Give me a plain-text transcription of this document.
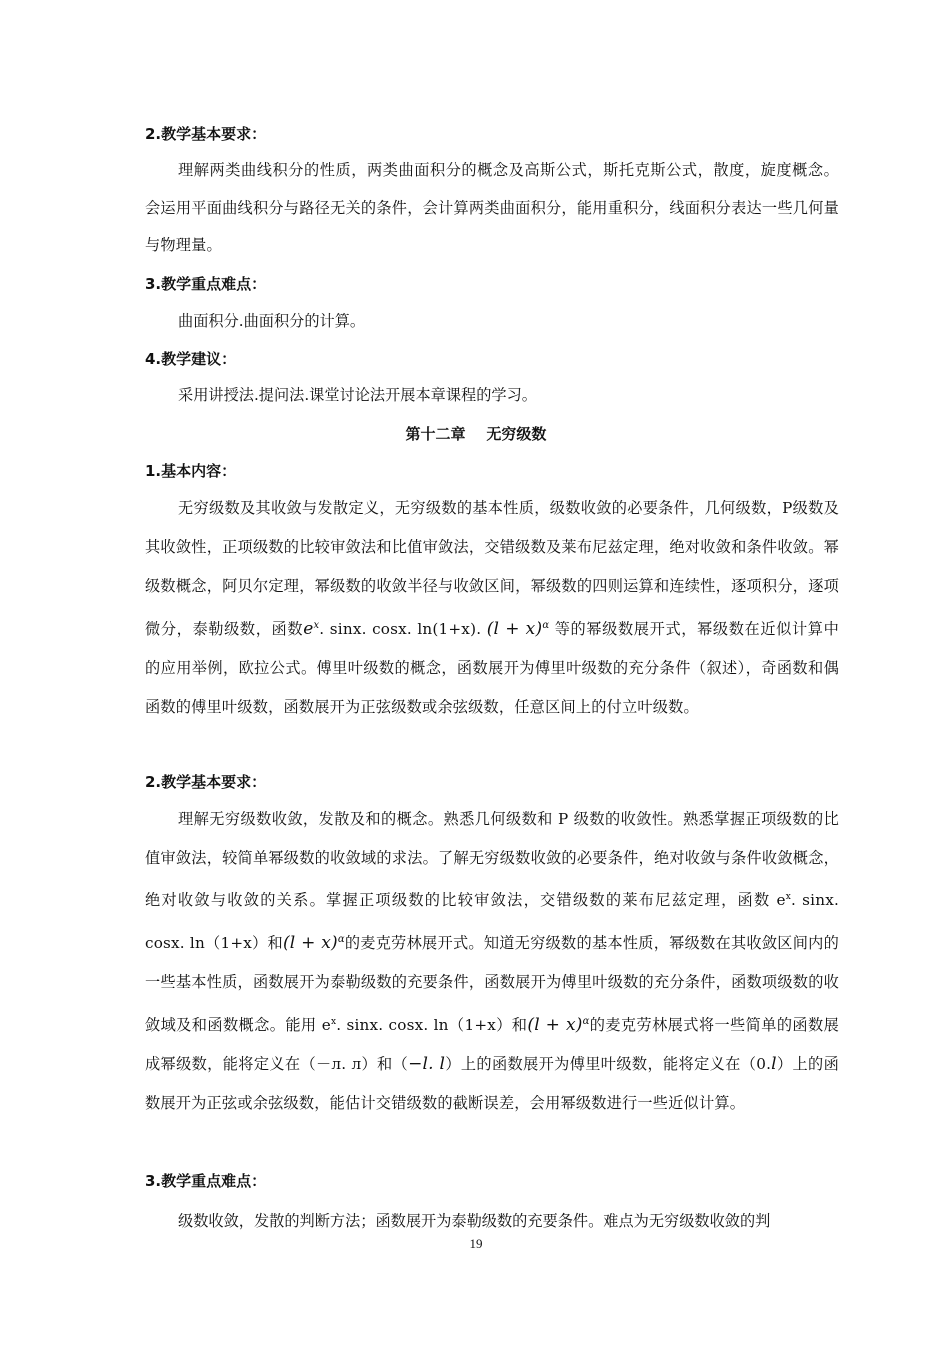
2.教学基本要求：
理解两类曲线积分的性质，两类曲面积分的概念及高斯公式，斯托克斯公式，散度，旋度概念。会运用平面曲线积分与路径无关的条件，会计算两类曲面积分，能用重积分，线面积分表达一些几何量与物理量。
3.教学重点难点：
曲面积分.曲面积分的计算。
4.教学建议：
采用讲授法.提问法.课堂讨论法开展本章课程的学习。
第十二章    无穷级数
1.基本内容：
无穷级数及其收敛与发散定义，无穷级数的基本性质，级数收敛的必要条件，几何级数，P级数及其收敛性，正项级数的比较审敛法和比值审敛法，交错级数及莱布尼兹定理，绝对收敛和条件收敛。幂级数概念，阿贝尔定理，幂级数的收敛半径与收敛区间，幂级数的四则运算和连续性，逐项积分，逐项微分，泰勒级数，函数$e^x$. sinx. cosx. ln(1+x). $(l + x)^\alpha$ 等的幂级数展开式，幂级数在近似计算中的应用举例，欧拉公式。傅里叶级数的概念，函数展开为傅里叶级数的充分条件（叙述），奇函数和偶函数的傅里叶级数，函数展开为正弦级数或余弦级数，任意区间上的付立叶级数。
2.教学基本要求：
理解无穷级数收敛，发散及和的概念。熟悉几何级数和 P 级数的收敛性。熟悉掌握正项级数的比值审敛法，较简单幂级数的收敛域的求法。了解无穷级数收敛的必要条件，绝对收敛与条件收敛概念，绝对收敛与收敛的关系。掌握正项级数的比较审敛法，交错级数的莱布尼兹定理，函数 $e^x$. sinx. cosx. ln（1+x）和$(l + x)^\alpha$的麦克劳林展开式。知道无穷级数的基本性质，幂级数在其收敛区间内的一些基本性质，函数展开为泰勒级数的充要条件，函数展开为傅里叶级数的充分条件，函数项级数的收敛域及和函数概念。能用 $e^x$. sinx. cosx. ln（1+x）和$(l + x)^\alpha$的麦克劳林展式将一些简单的函数展成幂级数，能将定义在（－л. л）和（−l. l）上的函数展开为傅里叶级数，能将定义在（0.l）上的函数展开为正弦或余弦级数，能估计交错级数的截断误差，会用幂级数进行一些近似计算。
3.教学重点难点：
级数收敛，发散的判断方法；函数展开为泰勒级数的充要条件。难点为无穷级数收敛的判
19
